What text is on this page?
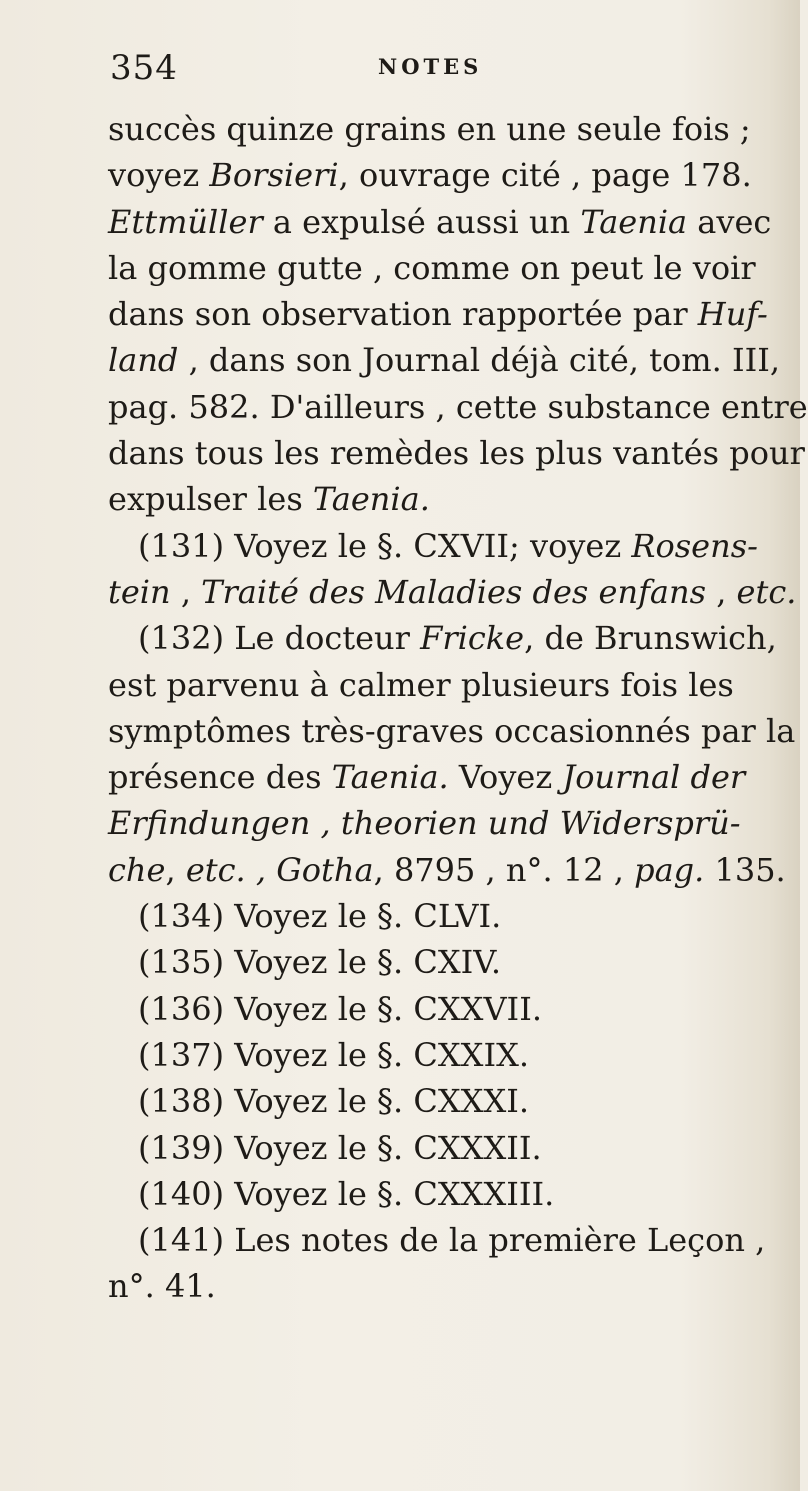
354	NOTES
succès quinze grains en une seule fois ;
voyez Borsieri, ouvrage cité , page 178.
Ettmüller a expulsé aussi un Taenia avec
la gomme gutte , comme on peut le voir
dans son observation rapportée par Huf-
land , dans son Journal déjà cité, tom. III,
pag. 582. D'ailleurs , cette substance entre
dans tous les remèdes les plus vantés pour
expulser les Taenia.
(131) Voyez le §. CXVII; voyez Rosens-
tein , Traité des Maladies des enfans , etc.
(132) Le docteur Fricke, de Brunswich,
est parvenu à calmer plusieurs fois les
symptômes très-graves occasionnés par la
présence des Taenia. Voyez Journal der
Erfindungen , theorien und Widersprü-
che, etc. , Gotha, 8795 , n°. 12 , pag. 135.
(134) Voyez le §. CLVI.
(135) Voyez le §. CXIV.
(136) Voyez le §. CXXVII.
(137) Voyez le §. CXXIX.
(138) Voyez le §. CXXXI.
(139) Voyez le §. CXXXII.
(140) Voyez le §. CXXXIII.
(141) Les notes de la première Leçon ,
n°. 41.
